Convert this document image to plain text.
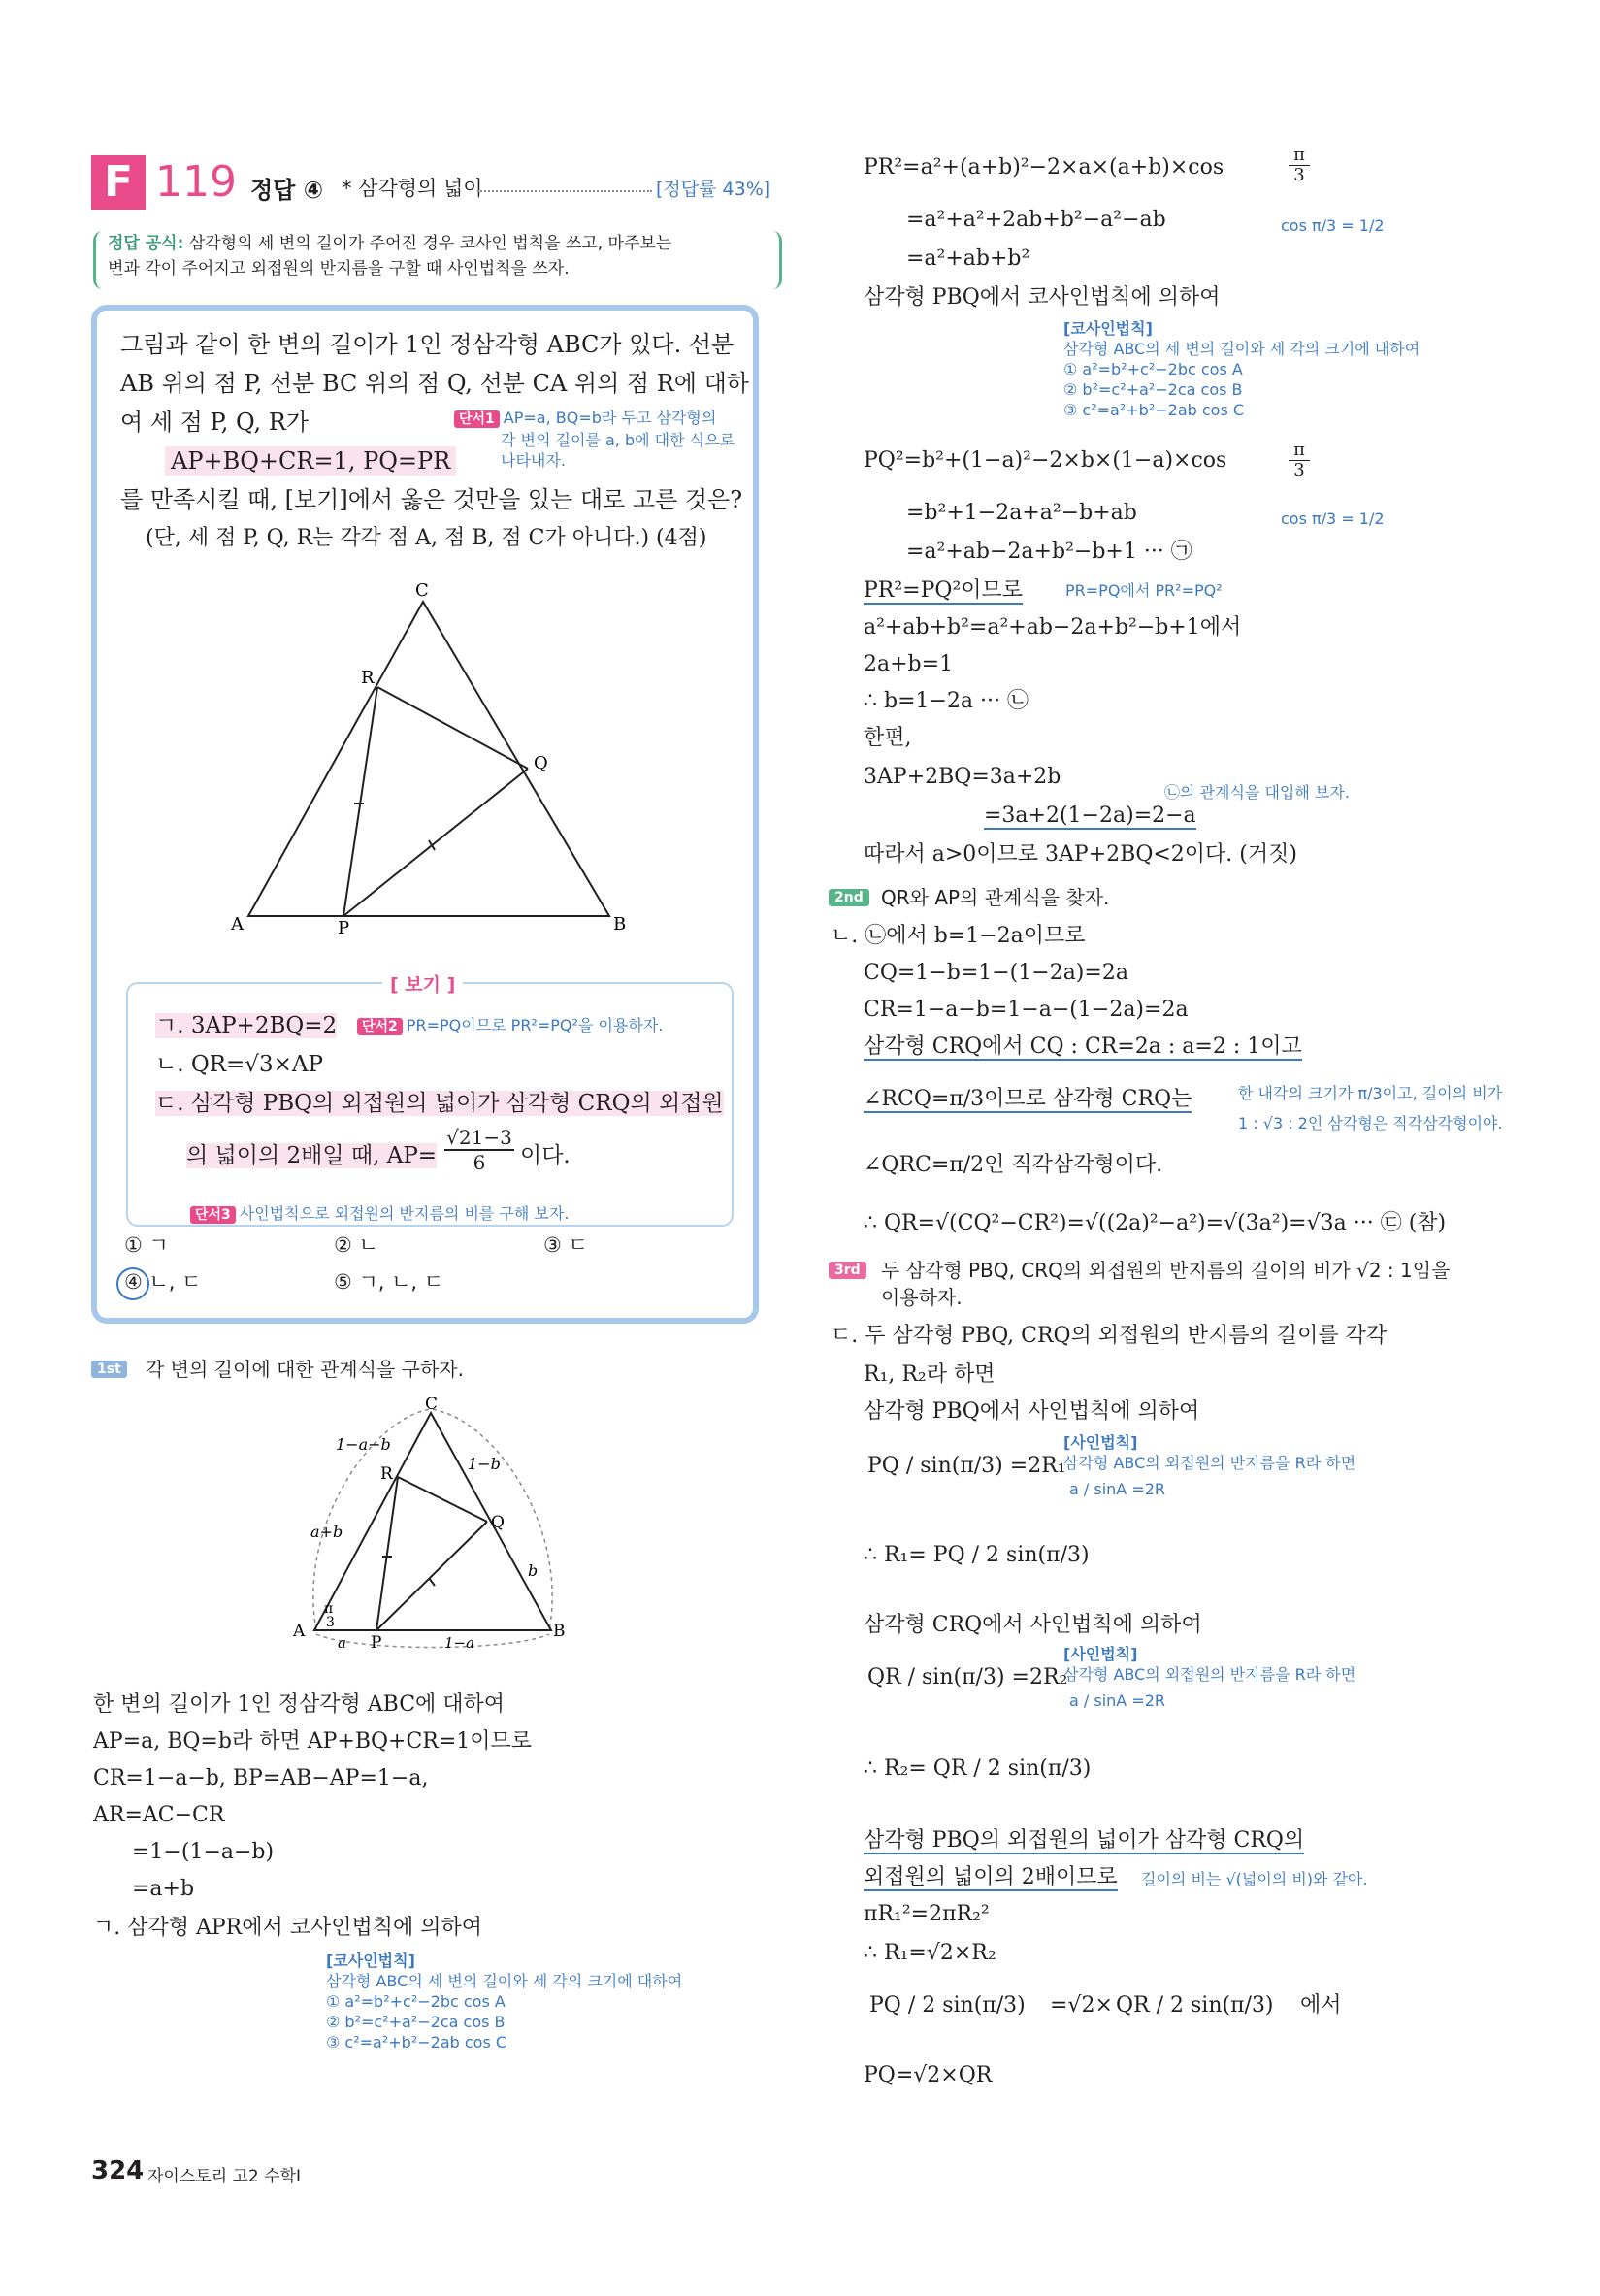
F 119 정답 ④ * 삼각형의 넓이	[정답률 43%]
정답 공식: 삼각형의 세 변의 길이가 주어진 경우 코사인 법칙을 쓰고, 마주보는
변과 각이 주어지고 외접원의 반지름을 구할 때 사인법칙을 쓰자.
그림과 같이 한 변의 길이가 1인 정삼각형 ABC가 있다. 선분
AB 위의 점 P, 선분 BC 위의 점 Q, 선분 CA 위의 점 R에 대하
여 세 점 P, Q, R가
AP+BQ+CR=1, PQ=PR
단서1 AP=a, BQ=b라 두고 삼각형의
각 변의 길이를 a, b에 대한 식으로
나타내자.
를 만족시킬 때, [보기]에서 옳은 것만을 있는 대로 고른 것은?
(단, 세 점 P, Q, R는 각각 점 A, 점 B, 점 C가 아니다.) (4점)
C
R
Q
A	P	B
[ 보기 ]
ㄱ. 3AP+2BQ=2	단서2 PR=PQ이므로 PR²=PQ²을 이용하자.
ㄴ. QR=√3×AP
ㄷ. 삼각형 PBQ의 외접원의 넓이가 삼각형 CRQ의 외접원
의 넓이의 2배일 때, $AP= \frac{√21-3}{6}$ 이다.
단서3 사인법칙으로 외접원의 반지름의 비를 구해 보자.
① ㄱ	② ㄴ	③ ㄷ
④ ㄴ, ㄷ	⑤ ㄱ, ㄴ, ㄷ
1st	각 변의 길이에 대한 관계식을 구하자.
C
1−a−b
1−b
R
Q
a+b
b
π
3
A
a P	1−a
B
한 변의 길이가 1인 정삼각형 ABC에 대하여
AP=a, BQ=b라 하면 AP+BQ+CR=1이므로
CR=1−a−b, BP=AB−AP=1−a,
AR=AC−CR
=1−(1−a−b)
=a+b
ㄱ. 삼각형 APR에서 코사인법칙에 의하여
[코사인법칙]
삼각형 ABC의 세 변의 길이와 세 각의 크기에 대하여
① a²=b²+c²−2bc cos A
② b²=c²+a²−2ca cos B
③ c²=a²+b²−2ab cos C
PR²=a²+(a+b)²−2×a×(a+b)×cos
π
3
=a²+a²+2ab+b²−a²−ab	cos π/3 = 1/2
=a²+ab+b²
삼각형 PBQ에서 코사인법칙에 의하여
[코사인법칙]
삼각형 ABC의 세 변의 길이와 세 각의 크기에 대하여
① a²=b²+c²−2bc cos A
② b²=c²+a²−2ca cos B
③ c²=a²+b²−2ab cos C
PQ²=b²+(1−a)²−2×b×(1−a)×cos	π
3
=b²+1−2a+a²−b+ab	cos π/3 = 1/2
=a²+ab−2a+b²−b+1 ··· ㉠
PR²=PQ²이므로	PR=PQ에서 PR²=PQ²
a²+ab+b²=a²+ab−2a+b²−b+1에서
2a+b=1
∴ b=1−2a ··· ㉡
한편,
3AP+2BQ=3a+2b
㉡의 관계식을 대입해 보자.
=3a+2(1−2a)=2−a
따라서 a>0이므로 3AP+2BQ<2이다. (거짓)
2nd QR와 AP의 관계식을 찾자.
ㄴ. ㉡에서 b=1−2a이므로
CQ=1−b=1−(1−2a)=2a
CR=1−a−b=1−a−(1−2a)=2a
삼각형 CRQ에서 CQ : CR=2a : a=2 : 1이고
∠RCQ=π/3이므로 삼각형 CRQ는	한 내각의 크기가 π/3이고, 길이의 비가
1 : √3 : 2인 삼각형은 직각삼각형이야.
∠QRC=π/2인 직각삼각형이다.
∴ QR=√(CQ²−CR²)=√((2a)²−a²)=√(3a²)=√3a ··· ㉢ (참)
3rd	두 삼각형 PBQ, CRQ의 외접원의 반지름의 길이의 비가 √2 : 1임을
이용하자.
ㄷ. 두 삼각형 PBQ, CRQ의 외접원의 반지름의 길이를 각각
R₁, R₂라 하면
삼각형 PBQ에서 사인법칙에 의하여
[사인법칙]
삼각형 ABC의 외접원의 반지름을 R라 하면
a / sinA =2R
PQ / sin(π/3) =2R₁
∴ R₁= PQ / 2 sin(π/3)
삼각형 CRQ에서 사인법칙에 의하여
[사인법칙]
삼각형 ABC의 외접원의 반지름을 R라 하면
a / sinA =2R
QR / sin(π/3) =2R₂
∴ R₂= QR / 2 sin(π/3)
삼각형 PBQ의 외접원의 넓이가 삼각형 CRQ의
외접원의 넓이의 2배이므로 길이의 비는 √(넓이의 비)와 같아.
πR₁²=2πR₂²
∴ R₁=√2×R₂
PQ / 2 sin(π/3) =√2× QR / 2 sin(π/3) 에서
PQ=√2×QR
324 자이스토리 고2 수학Ⅰ
